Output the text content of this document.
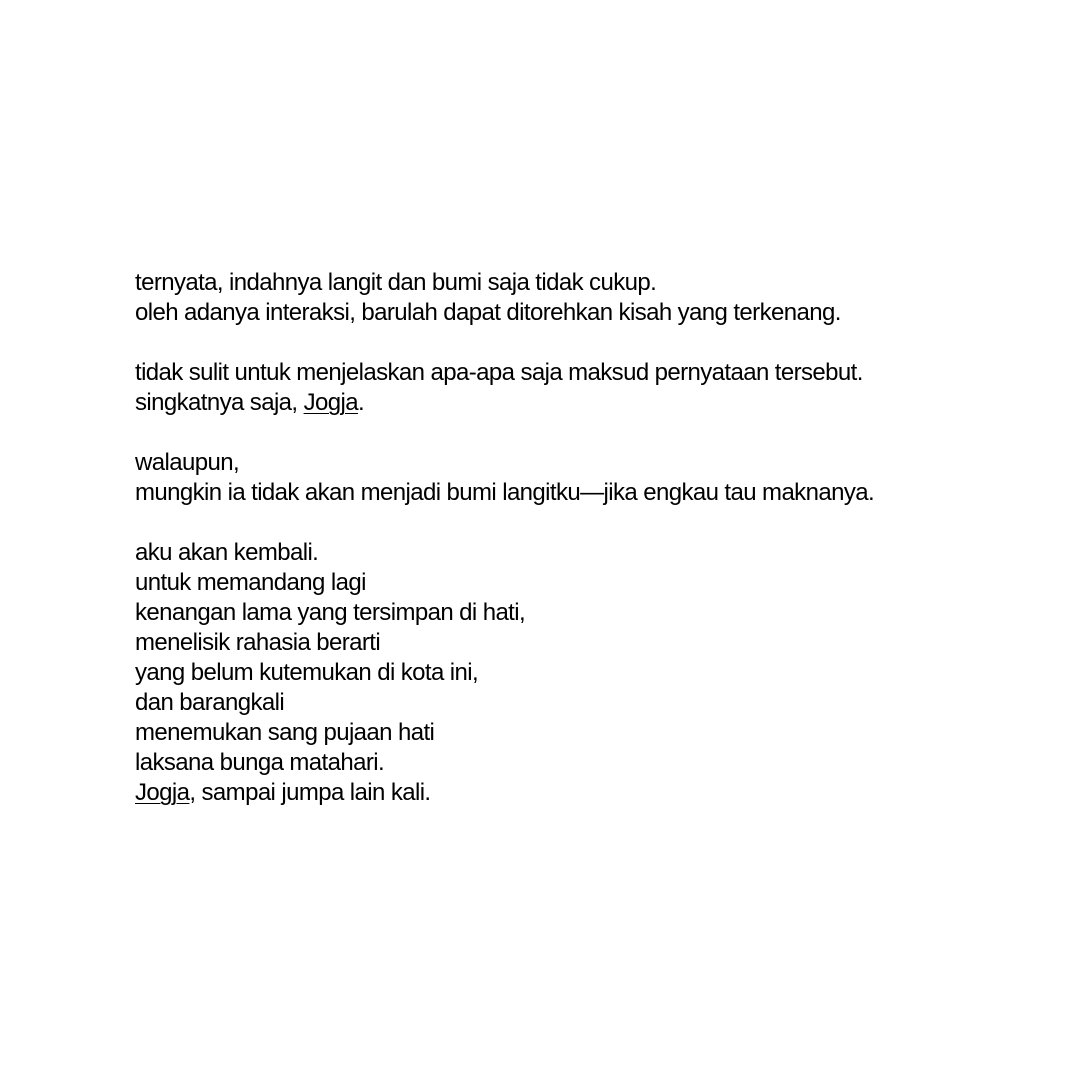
ternyata, indahnya langit dan bumi saja tidak cukup.
oleh adanya interaksi, barulah dapat ditorehkan kisah yang terkenang.
tidak sulit untuk menjelaskan apa-apa saja maksud pernyataan tersebut.
singkatnya saja, Jogja.
walaupun,
mungkin ia tidak akan menjadi bumi langitku—jika engkau tau maknanya.
aku akan kembali.
untuk memandang lagi
kenangan lama yang tersimpan di hati,
menelisik rahasia berarti
yang belum kutemukan di kota ini,
dan barangkali
menemukan sang pujaan hati
laksana bunga matahari.
Jogja, sampai jumpa lain kali.
